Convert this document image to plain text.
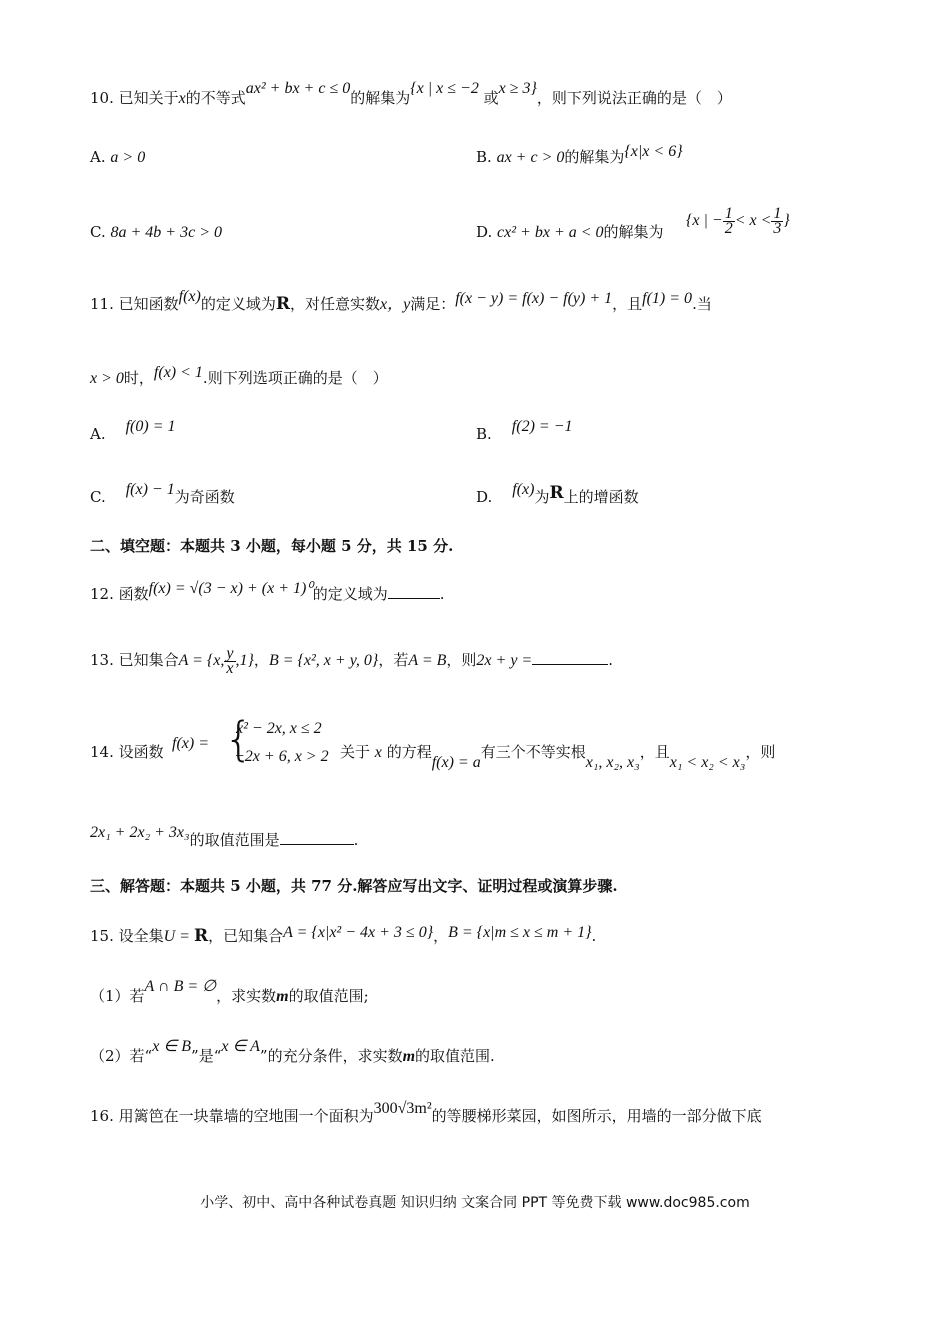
10. 已知关于x的不等式ax² + bx + c ≤ 0的解集为{x | x ≤ −2 或x ≥ 3}，则下列说法正确的是（　）
A. a > 0	B. ax + c > 0的解集为{x|x < 6}
C. 8a + 4b + 3c > 0	D. cx² + bx + a < 0的解集为
{x | − $\frac{1}{2} < x < \frac{1}{3}$ }
11. 已知函数f(x)的定义域为R，对任意实数x，y满足：f(x − y) = f(x) − f(y) + 1，且f(1) = 0.当
x > 0时，f(x) < 1.则下列选项正确的是（　）
A. f(0) = 1	B. f(2) = −1
C. f(x) − 1为奇函数	D. f(x)为R上的增函数
二、填空题：本题共 3 小题，每小题 5 分，共 15 分.
12. 函数f(x) = √(3 − x) + (x + 1)⁰的定义域为	.
13. 已知集合A = {x, $\frac{y}{x} ,1$}，B = {x², x + y, 0}，若A = B，则2x + y =	.
14. 设函数 f(x) = {
x² − 2x, x ≤ 2
−2x + 6, x > 2 关于 x 的方程f(x) = a有三个不等实根x₁, x₂, x₃，且x₁ < x₂ < x₃，则
2x₁ + 2x₂ + 3x₃的取值范围是	.
三、解答题：本题共 5 小题，共 77 分.解答应写出文字、证明过程或演算步骤.
15. 设全集U = R，已知集合A = {x|x² − 4x + 3 ≤ 0}，B = {x|m ≤ x ≤ m + 1}.
（1）若A ∩ B = ∅，求实数m的取值范围;
（2）若“x ∈ B”是“x ∈ A”的充分条件，求实数m的取值范围.
16. 用篱笆在一块靠墙的空地围一个面积为300√3m²的等腰梯形菜园，如图所示，用墙的一部分做下底
小学、初中、高中各种试卷真题 知识归纳 文案合同 PPT 等免费下载 www.doc985.com
